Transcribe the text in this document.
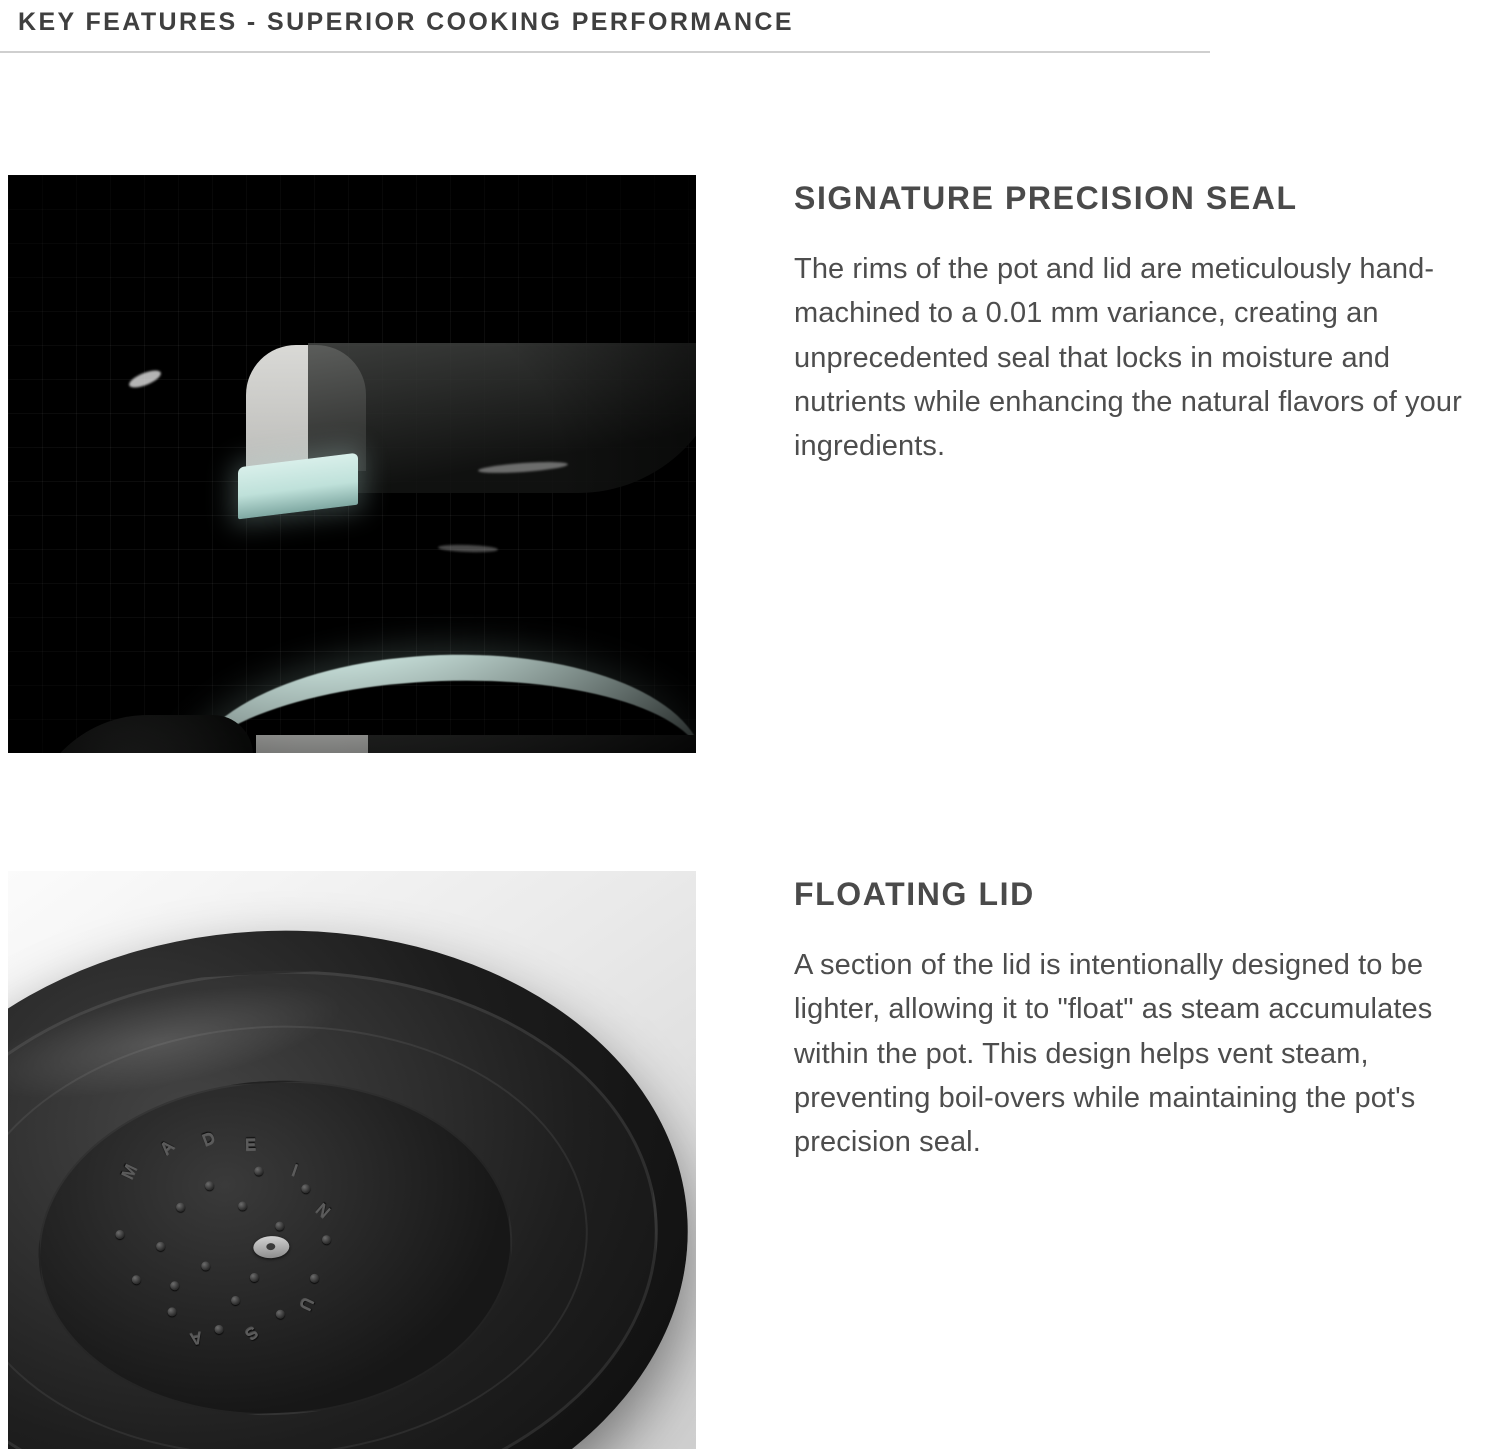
KEY FEATURES - SUPERIOR COOKING PERFORMANCE
SIGNATURE PRECISION SEAL

The rims of the pot and lid are meticulously hand-machined to a 0.01 mm variance, creating an unprecedented seal that locks in moisture and nutrients while enhancing the natural flavors of your ingredients.

M
A D E
I
N
U
S
A
FLOATING LID

A section of the lid is intentionally designed to be lighter, allowing it to "float" as steam accumulates within the pot. This design helps vent steam, preventing boil-overs while maintaining the pot's precision seal.
